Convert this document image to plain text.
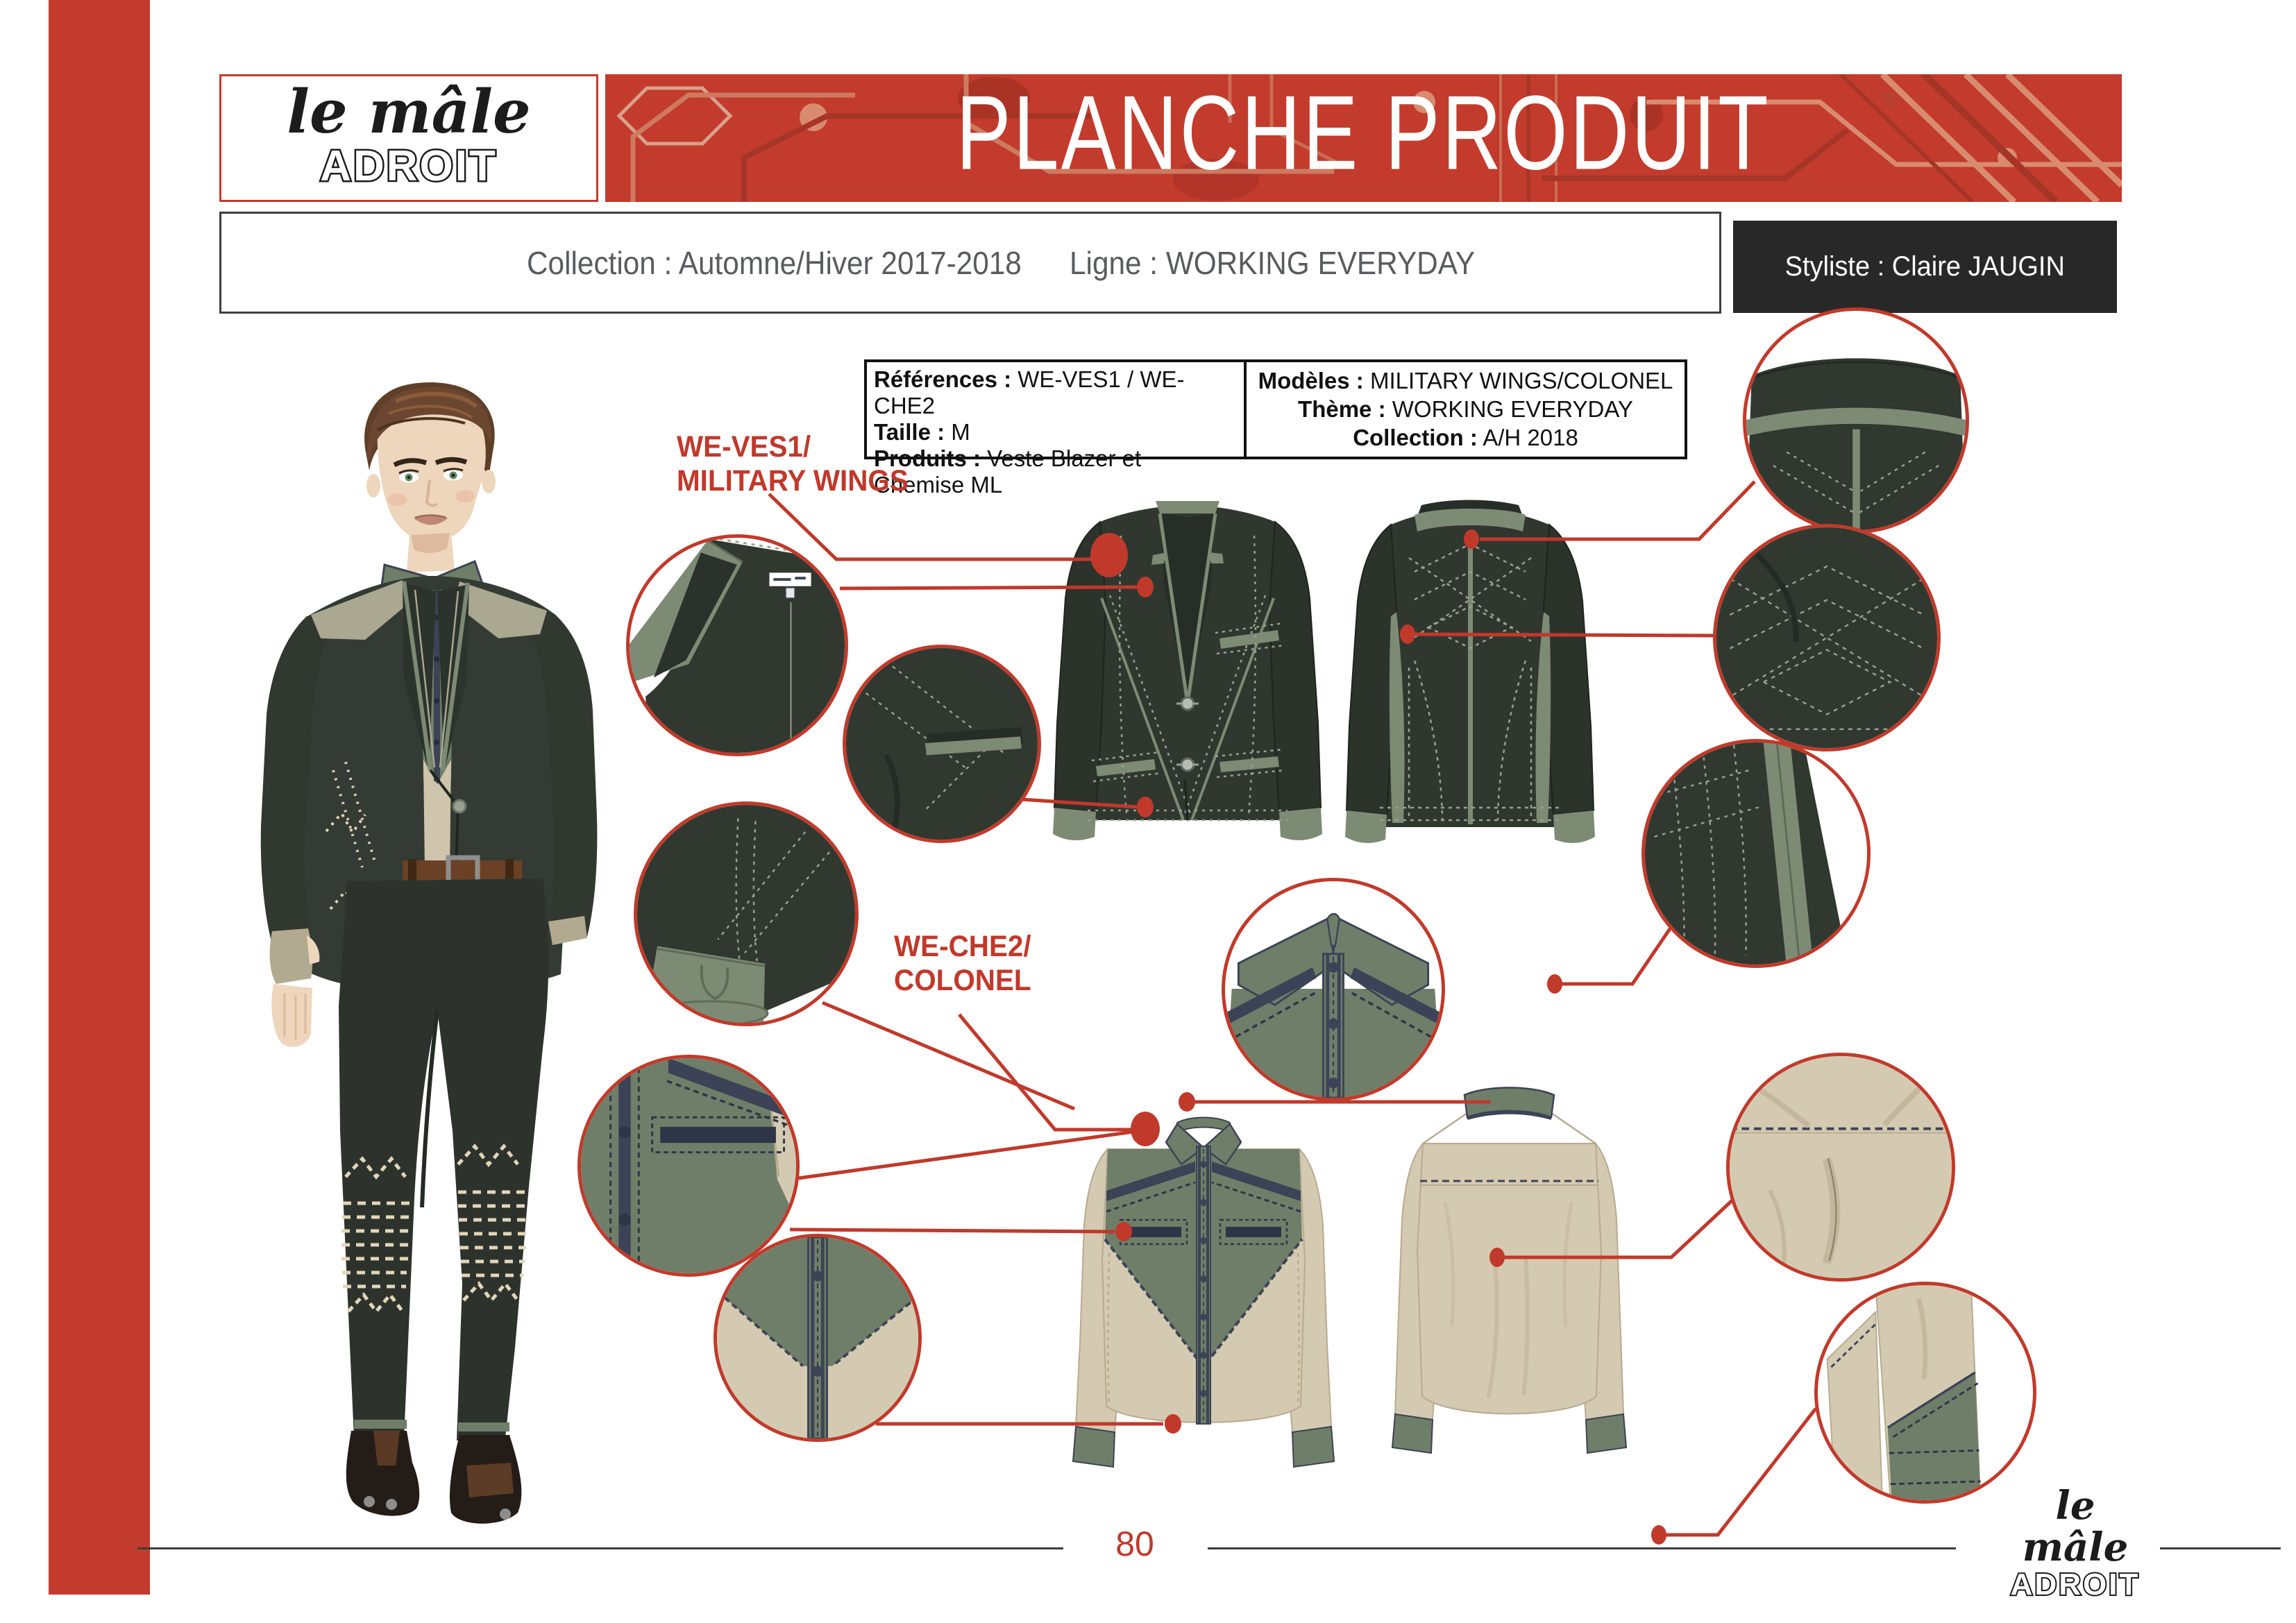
le mâle
ADROIT	PLANCHE PRODUIT
Collection : Automne/Hiver 2017-2018 Ligne : WORKING EVERYDAY	Styliste : Claire JAUGIN
Références : WE-VES1 / WE-CHE2
Taille : M
Produits : Veste Blazer et Chemise ML
Modèles : MILITARY WINGS/COLONEL
Thème : WORKING EVERYDAY
Collection : A/H 2018
WE-VES1/
MILITARY WINGS
WE-CHE2/
COLONEL
80
le mâle
ADROIT
